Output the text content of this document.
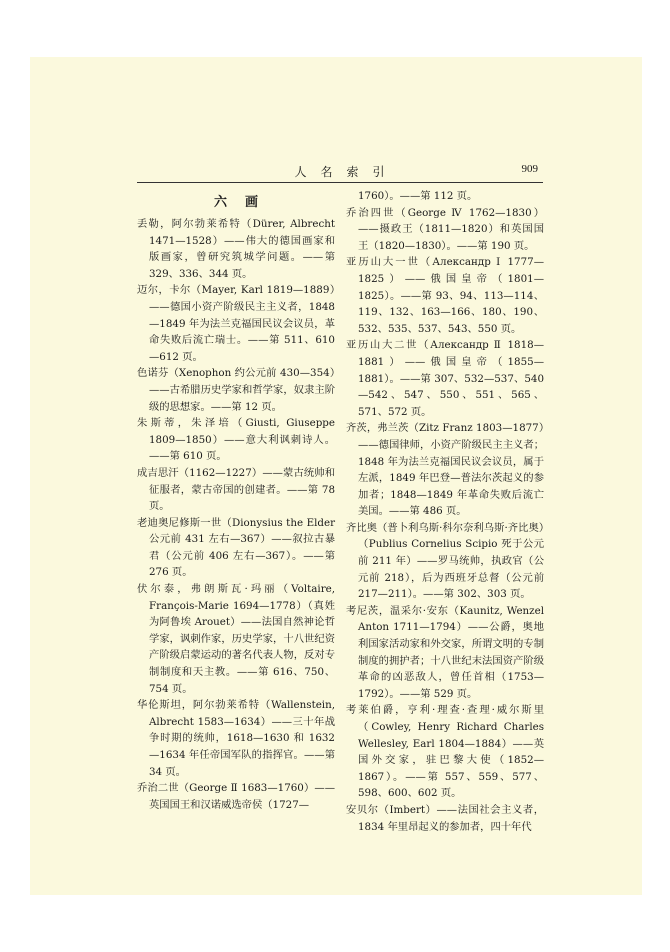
人名索引	909
六画

丢勒，阿尔勃莱希特（Dürer, Albrecht 1471—1528）——伟大的德国画家和版画家，曾研究筑城学问题。——第 329、336、344 页。

迈尔，卡尔（Mayer, Karl 1819—1889）——德国小资产阶级民主主义者，1848—1849 年为法兰克福国民议会议员，革命失败后流亡瑞士。——第 511、610—612 页。

色诺芬（Xenophon 约公元前 430—354）——古希腊历史学家和哲学家，奴隶主阶级的思想家。——第 12 页。

朱斯蒂，朱泽培（Giusti, Giuseppe 1809—1850）——意大利讽刺诗人。——第 610 页。

成吉思汗（1162—1227）——蒙古统帅和征服者，蒙古帝国的创建者。——第 78 页。

老迪奥尼修斯一世（Dionysius the Elder 公元前 431 左右—367）——叙拉古暴君（公元前 406 左右—367）。——第 276 页。

伏尔泰，弗朗斯瓦·玛丽（Voltaire, François-Marie 1694—1778）（真姓为阿鲁埃 Arouet）——法国自然神论哲学家，讽刺作家，历史学家，十八世纪资产阶级启蒙运动的著名代表人物，反对专制制度和天主教。——第 616、750、754 页。

华伦斯坦，阿尔勃莱希特（Wallenstein, Albrecht 1583—1634）——三十年战争时期的统帅，1618—1630 和 1632—1634 年任帝国军队的指挥官。——第 34 页。

乔治二世（George Ⅱ 1683—1760）——英国国王和汉诺威选帝侯（1727—

1760）。——第 112 页。

乔治四世（George Ⅳ 1762—1830）——摄政王（1811—1820）和英国国王（1820—1830）。——第 190 页。

亚历山大一世（Александр Ⅰ 1777—1825）——俄国皇帝（1801—1825）。——第 93、94、113—114、119、132、163—166、180、190、532、535、537、543、550 页。

亚历山大二世（Александр Ⅱ 1818—1881）——俄国皇帝（1855—1881）。——第 307、532—537、540—542、547、550、551、565、571、572 页。

齐茨，弗兰茨（Zitz Franz 1803—1877）——德国律师，小资产阶级民主主义者；1848 年为法兰克福国民议会议员，属于左派，1849 年巴登—普法尔茨起义的参加者；1848—1849 年革命失败后流亡美国。——第 486 页。

齐比奥（普卜利乌斯·科尔奈利乌斯·齐比奥）（Publius Cornelius Scipio 死于公元前 211 年）——罗马统帅，执政官（公元前 218），后为西班牙总督（公元前 217—211）。——第 302、303 页。

考尼茨，温采尔·安东（Kaunitz, Wenzel Anton 1711—1794）——公爵，奥地利国家活动家和外交家，所谓文明的专制制度的拥护者；十八世纪末法国资产阶级革命的凶恶敌人，曾任首相（1753—1792）。——第 529 页。

考莱伯爵，亨利·理查·查理·威尔斯里（Cowley, Henry Richard Charles Wellesley, Earl 1804—1884）——英国外交家，驻巴黎大使（1852—1867）。——第 557、559、577、598、600、602 页。

安贝尔（Imbert）——法国社会主义者，1834 年里昂起义的参加者，四十年代
